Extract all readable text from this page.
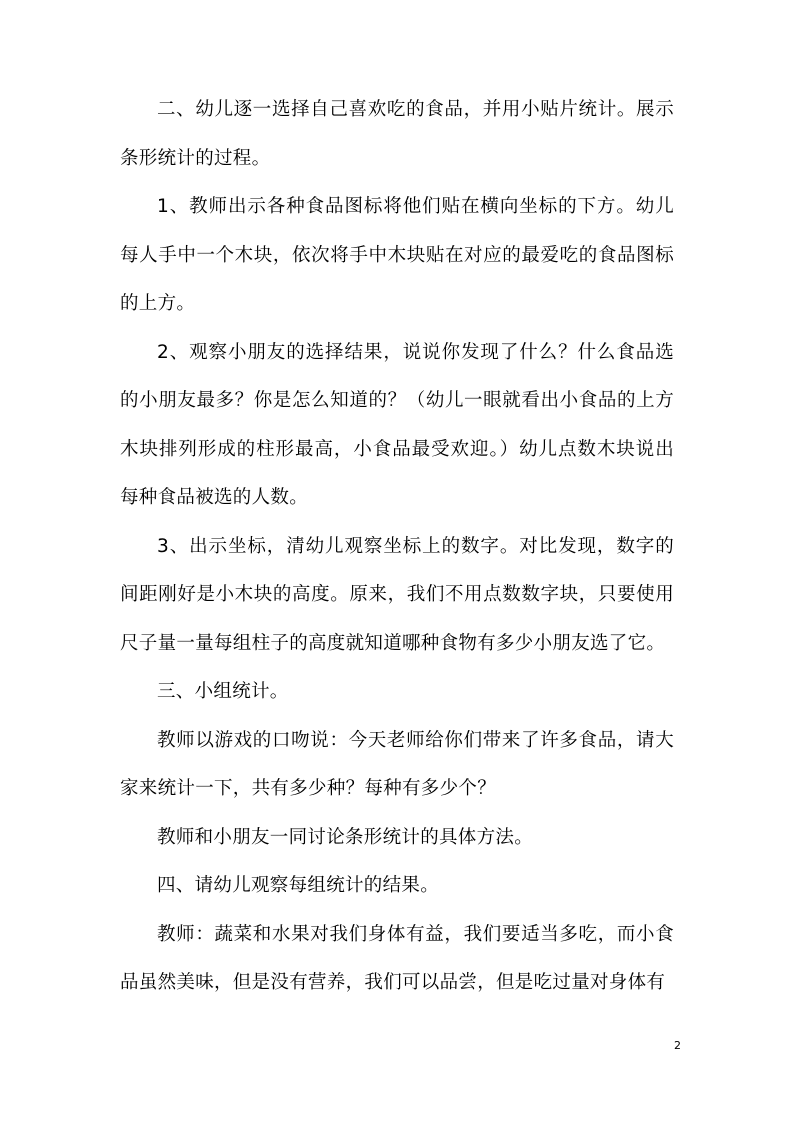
二、幼儿逐一选择自己喜欢吃的食品，并用小贴片统计。展示条形统计的过程。

1、教师出示各种食品图标将他们贴在横向坐标的下方。幼儿每人手中一个木块，依次将手中木块贴在对应的最爱吃的食品图标的上方。

2、观察小朋友的选择结果，说说你发现了什么？什么食品选的小朋友最多？你是怎么知道的？（幼儿一眼就看出小食品的上方木块排列形成的柱形最高，小食品最受欢迎。）幼儿点数木块说出每种食品被选的人数。

3、出示坐标，清幼儿观察坐标上的数字。对比发现，数字的间距刚好是小木块的高度。原来，我们不用点数数字块，只要使用尺子量一量每组柱子的高度就知道哪种食物有多少小朋友选了它。

三、小组统计。

教师以游戏的口吻说：今天老师给你们带来了许多食品，请大家来统计一下，共有多少种？每种有多少个？

教师和小朋友一同讨论条形统计的具体方法。

四、请幼儿观察每组统计的结果。

教师：蔬菜和水果对我们身体有益，我们要适当多吃，而小食品虽然美味，但是没有营养，我们可以品尝，但是吃过量对身体有

2
